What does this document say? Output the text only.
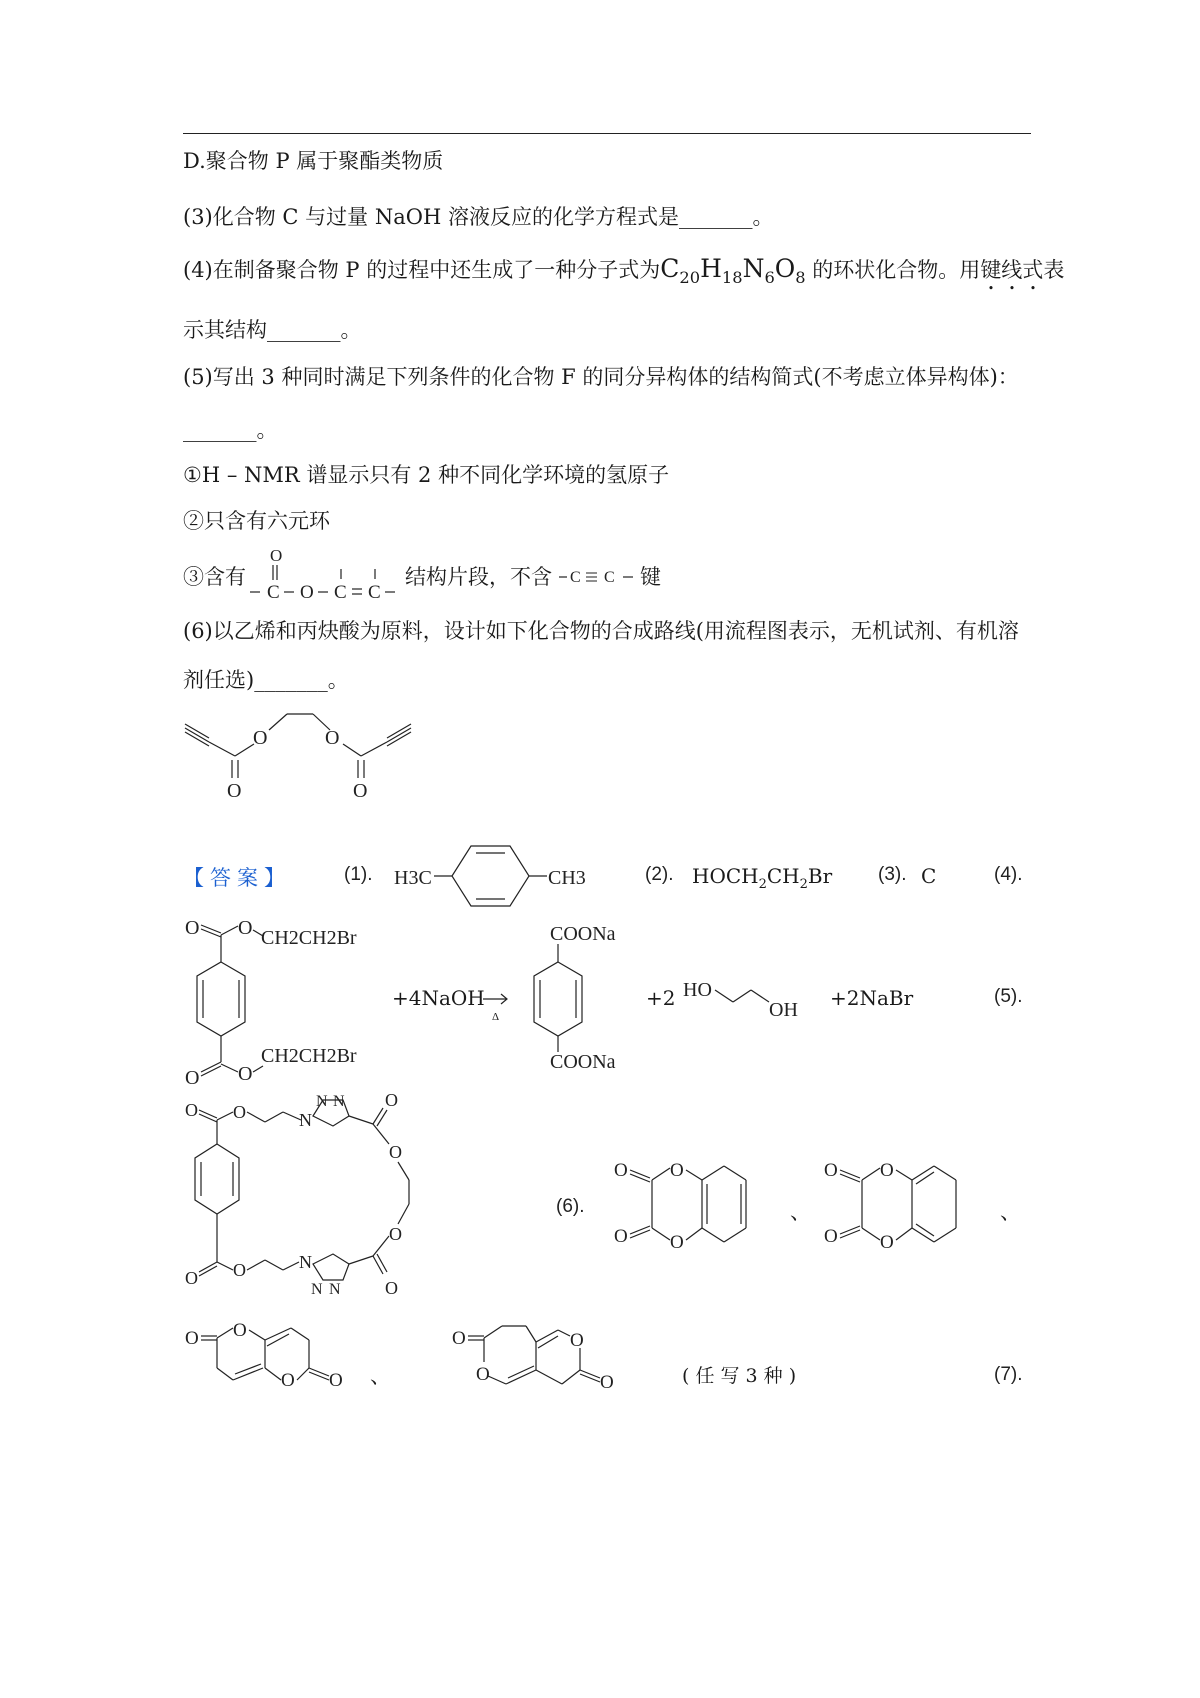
D.聚合物 P 属于聚酯类物质
(3)化合物 C 与过量 NaOH 溶液反应的化学方程式是_______。
(4)在制备聚合物 P 的过程中还生成了一种分子式为$C_{20}H_{18}N_6O_8$ 的环状化合物。用键线式表
示其结构_______。
(5)写出 3 种同时满足下列条件的化合物 F 的同分异构体的结构简式(不考虑立体异构体)：
_______。
①H – NMR 谱显示只有 2 种不同化学环境的氢原子
②只含有六元环
③含有
O
C O C C
结构片段，不含 C C 键
(6)以乙烯和丙炔酸为原料，设计如下化合物的合成路线(用流程图表示，无机试剂、有机溶
剂任选)_______。
O
O
O
O
【答案】	(1). H3C	CH3	(2). $HOCH_2CH_2Br$ (3). C	(4).
O O CH2CH2Br
O O
CH2CH2Br
+4NaOH
Δ
COONa
COONa
+2 HO
OH +2NaBr	(5).
O O	N
N N O
O
O
O
N
N N
O
O
(6).
O
O
O
O
、
O
O
O
O
、
O O
O O 、
O
O
O
O	( 任 写 3 种 )	(7).
